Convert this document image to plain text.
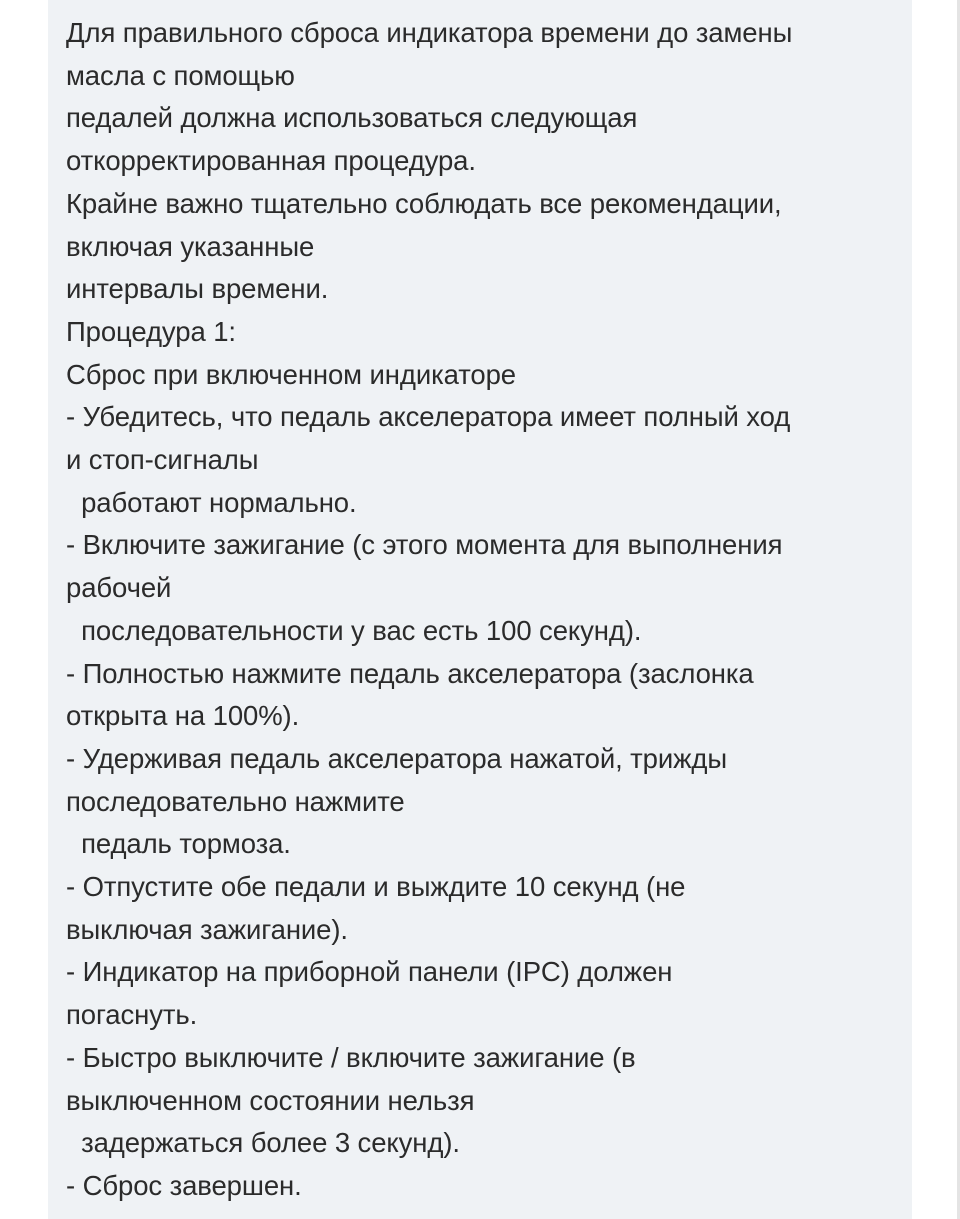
Для правильного сброса индикатора времени до замены
масла с помощью
педалей должна использоваться следующая
откорректированная процедура.
Крайне важно тщательно соблюдать все рекомендации,
включая указанные
интервалы времени.
Процедура 1:
Сброс при включенном индикаторе
- Убедитесь, что педаль акселератора имеет полный ход
и стоп-сигналы
работают нормально.
- Включите зажигание (с этого момента для выполнения
рабочей
последовательности у вас есть 100 секунд).
- Полностью нажмите педаль акселератора (заслонка
открыта на 100%).
- Удерживая педаль акселератора нажатой, трижды
последовательно нажмите
педаль тормоза.
- Отпустите обе педали и выждите 10 секунд (не
выключая зажигание).
- Индикатор на приборной панели (IPC) должен
погаснуть.
- Быстро выключите / включите зажигание (в
выключенном состоянии нельзя
задержаться более 3 секунд).
- Сброс завершен.
